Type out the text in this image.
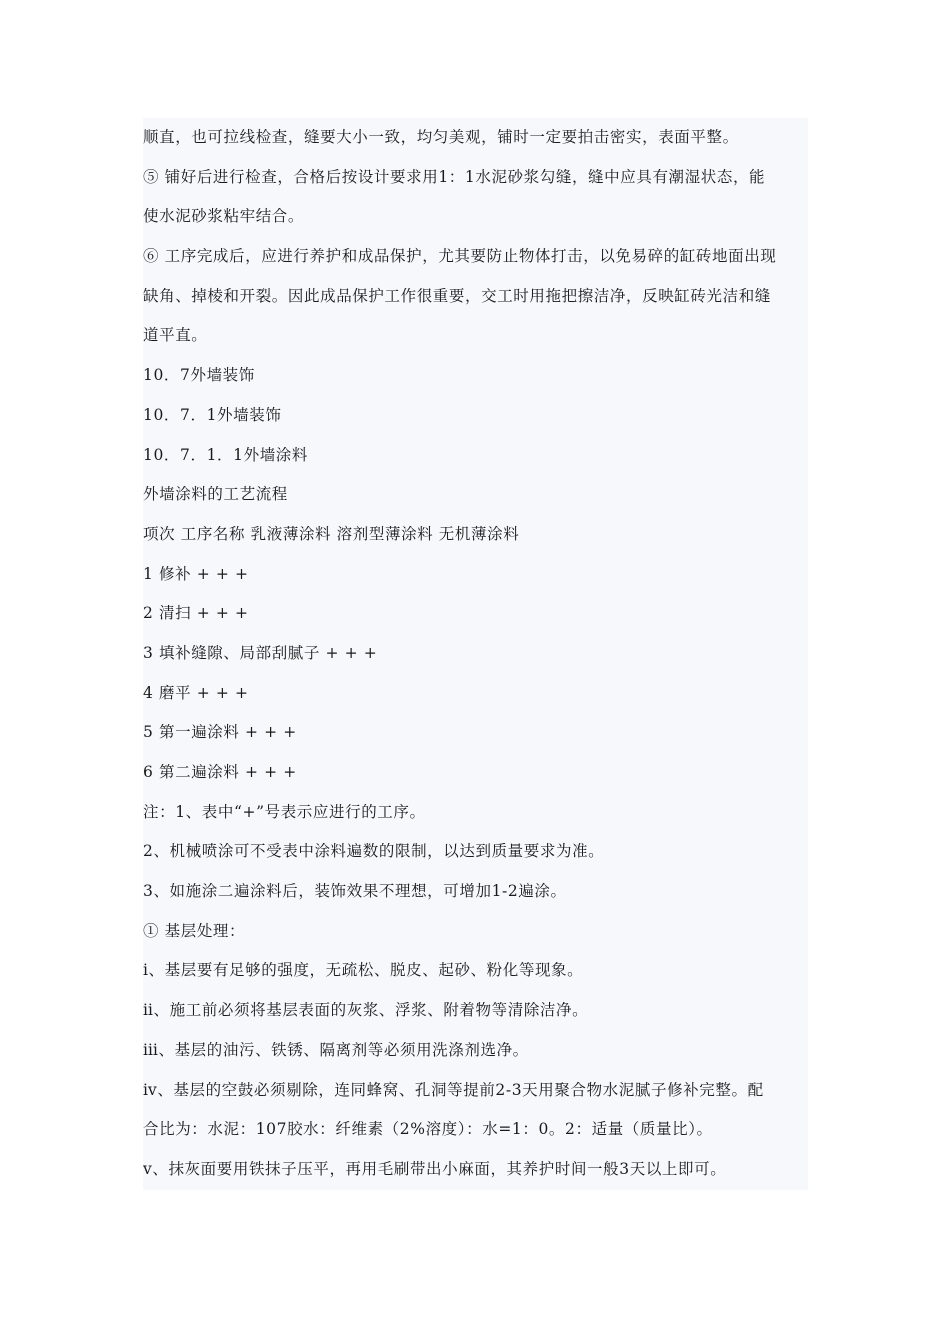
顺直，也可拉线检查，缝要大小一致，均匀美观，铺时一定要拍击密实，表面平整。
⑤ 铺好后进行检查，合格后按设计要求用1：1水泥砂浆勾缝，缝中应具有潮湿状态，能
使水泥砂浆粘牢结合。
⑥ 工序完成后，应进行养护和成品保护，尤其要防止物体打击，以免易碎的缸砖地面出现
缺角、掉棱和开裂。因此成品保护工作很重要，交工时用拖把擦洁净，反映缸砖光洁和缝
道平直。
10．7外墙装饰
10．7．1外墙装饰
10．7．1．1外墙涂料
外墙涂料的工艺流程
项次 工序名称 乳液薄涂料 溶剂型薄涂料 无机薄涂料
1 修补 + + +
2 清扫 + + +
3 填补缝隙、局部刮腻子 + + +
4 磨平 + + +
5 第一遍涂料 + + +
6 第二遍涂料 + + +
注：1、表中“+”号表示应进行的工序。
2、机械喷涂可不受表中涂料遍数的限制，以达到质量要求为准。
3、如施涂二遍涂料后，装饰效果不理想，可增加1-2遍涂。
① 基层处理：
ⅰ、基层要有足够的强度，无疏松、脱皮、起砂、粉化等现象。
ⅱ、施工前必须将基层表面的灰浆、浮浆、附着物等清除洁净。
ⅲ、基层的油污、铁锈、隔离剂等必须用洗涤剂选净。
ⅳ、基层的空鼓必须剔除，连同蜂窝、孔洞等提前2-3天用聚合物水泥腻子修补完整。配
合比为：水泥：107胶水：纤维素（2%溶度）：水=1：0。2：适量（质量比）。
ⅴ、抹灰面要用铁抹子压平，再用毛刷带出小麻面，其养护时间一般3天以上即可。
